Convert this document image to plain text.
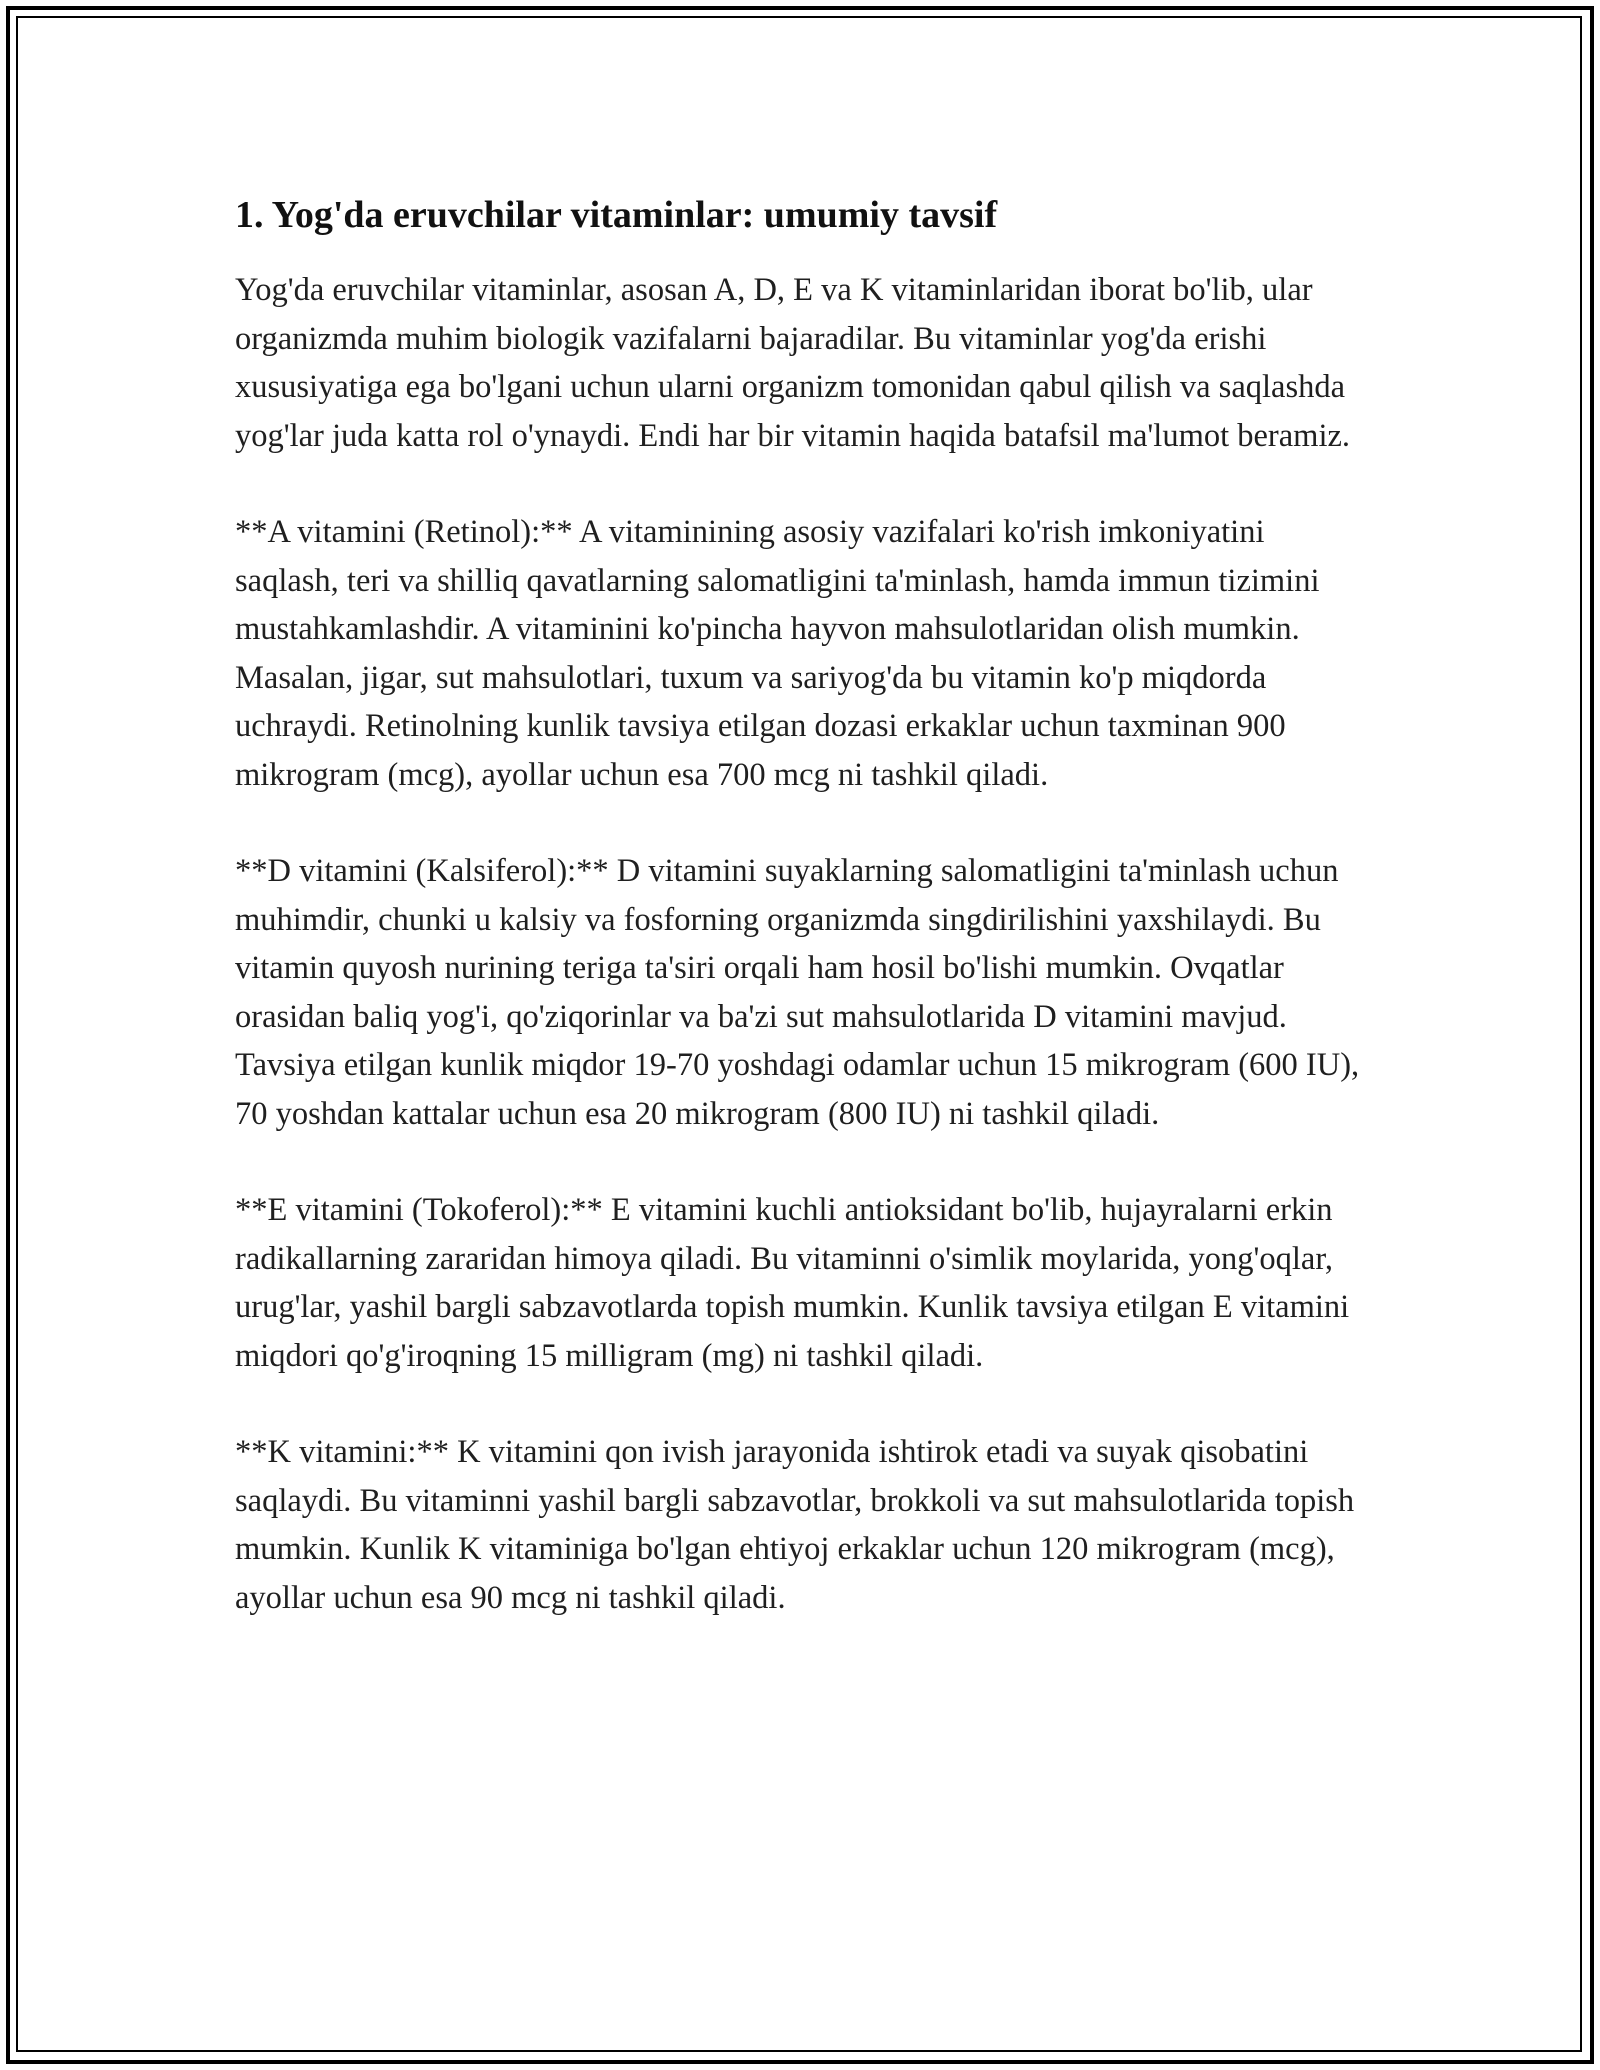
1. Yog'da eruvchilar vitaminlar: umumiy tavsif

Yog'da eruvchilar vitaminlar, asosan A, D, E va K vitaminlaridan iborat bo'lib, ular organizmda muhim biologik vazifalarni bajaradilar. Bu vitaminlar yog'da erishi xususiyatiga ega bo'lgani uchun ularni organizm tomonidan qabul qilish va saqlashda yog'lar juda katta rol o'ynaydi. Endi har bir vitamin haqida batafsil ma'lumot beramiz.

**A vitamini (Retinol):** A vitaminining asosiy vazifalari ko'rish imkoniyatini saqlash, teri va shilliq qavatlarning salomatligini ta'minlash, hamda immun tizimini mustahkamlashdir. A vitaminini ko'pincha hayvon mahsulotlaridan olish mumkin. Masalan, jigar, sut mahsulotlari, tuxum va sariyog'da bu vitamin ko'p miqdorda uchraydi. Retinolning kunlik tavsiya etilgan dozasi erkaklar uchun taxminan 900 mikrogram (mcg), ayollar uchun esa 700 mcg ni tashkil qiladi.

**D vitamini (Kalsiferol):** D vitamini suyaklarning salomatligini ta'minlash uchun muhimdir, chunki u kalsiy va fosforning organizmda singdirilishini yaxshilaydi. Bu vitamin quyosh nurining teriga ta'siri orqali ham hosil bo'lishi mumkin. Ovqatlar orasidan baliq yog'i, qo'ziqorinlar va ba'zi sut mahsulotlarida D vitamini mavjud. Tavsiya etilgan kunlik miqdor 19-70 yoshdagi odamlar uchun 15 mikrogram (600 IU), 70 yoshdan kattalar uchun esa 20 mikrogram (800 IU) ni tashkil qiladi.

**E vitamini (Tokoferol):** E vitamini kuchli antioksidant bo'lib, hujayralarni erkin radikallarning zararidan himoya qiladi. Bu vitaminni o'simlik moylarida, yong'oqlar, urug'lar, yashil bargli sabzavotlarda topish mumkin. Kunlik tavsiya etilgan E vitamini miqdori qo'g'iroqning 15 milligram (mg) ni tashkil qiladi.

**K vitamini:** K vitamini qon ivish jarayonida ishtirok etadi va suyak qisobatini saqlaydi. Bu vitaminni yashil bargli sabzavotlar, brokkoli va sut mahsulotlarida topish mumkin. Kunlik K vitaminiga bo'lgan ehtiyoj erkaklar uchun 120 mikrogram (mcg), ayollar uchun esa 90 mcg ni tashkil qiladi.
